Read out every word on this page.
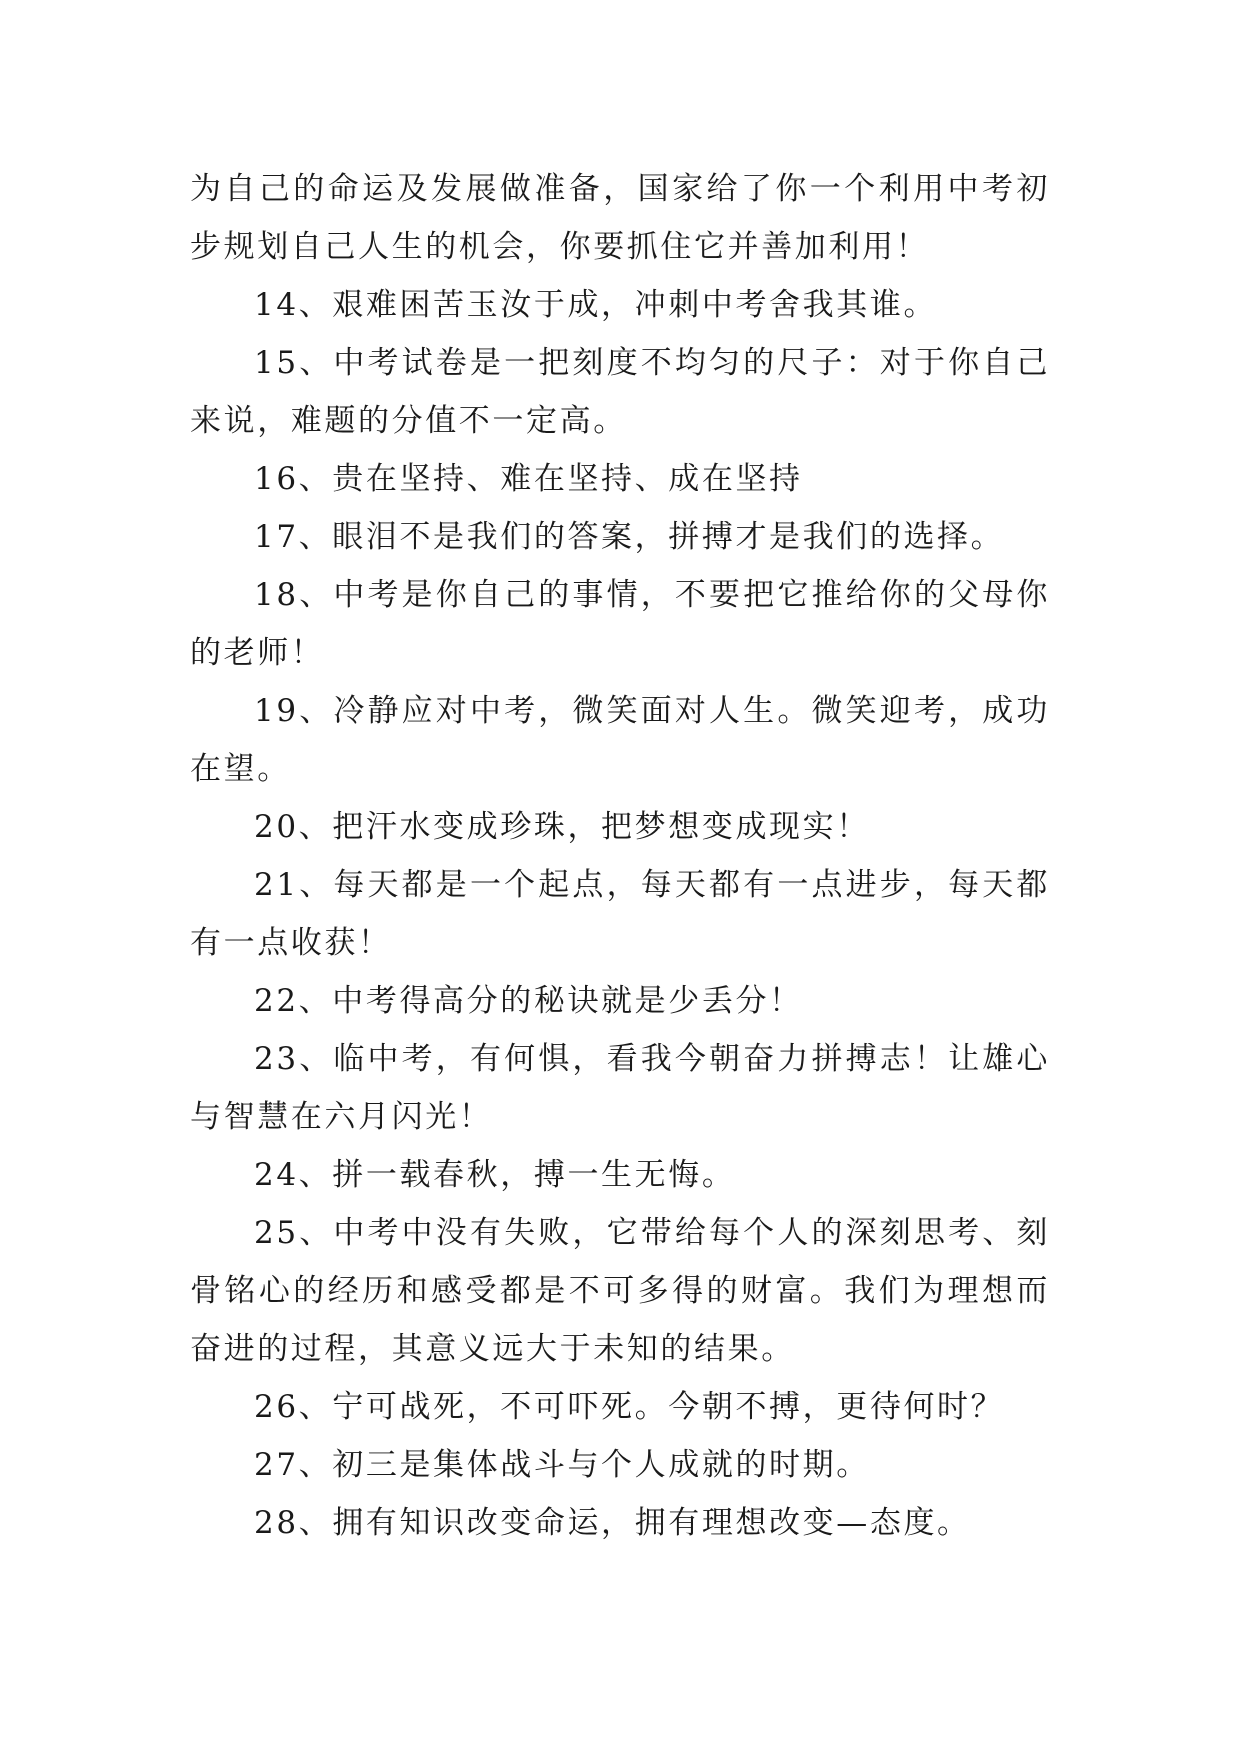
为自己的命运及发展做准备，国家给了你一个利用中考初步规划自己人生的机会，你要抓住它并善加利用！

14、艰难困苦玉汝于成，冲刺中考舍我其谁。

15、中考试卷是一把刻度不均匀的尺子：对于你自己来说，难题的分值不一定高。

16、贵在坚持、难在坚持、成在坚持

17、眼泪不是我们的答案，拼搏才是我们的选择。

18、中考是你自己的事情，不要把它推给你的父母你的老师！

19、冷静应对中考，微笑面对人生。微笑迎考，成功在望。

20、把汗水变成珍珠，把梦想变成现实！

21、每天都是一个起点，每天都有一点进步，每天都有一点收获！

22、中考得高分的秘诀就是少丢分！

23、临中考，有何惧，看我今朝奋力拼搏志！让雄心与智慧在六月闪光！

24、拼一载春秋，搏一生无悔。

25、中考中没有失败，它带给每个人的深刻思考、刻骨铭心的经历和感受都是不可多得的财富。我们为理想而奋进的过程，其意义远大于未知的结果。

26、宁可战死，不可吓死。今朝不搏，更待何时？

27、初三是集体战斗与个人成就的时期。

28、拥有知识改变命运，拥有理想改变—态度。
